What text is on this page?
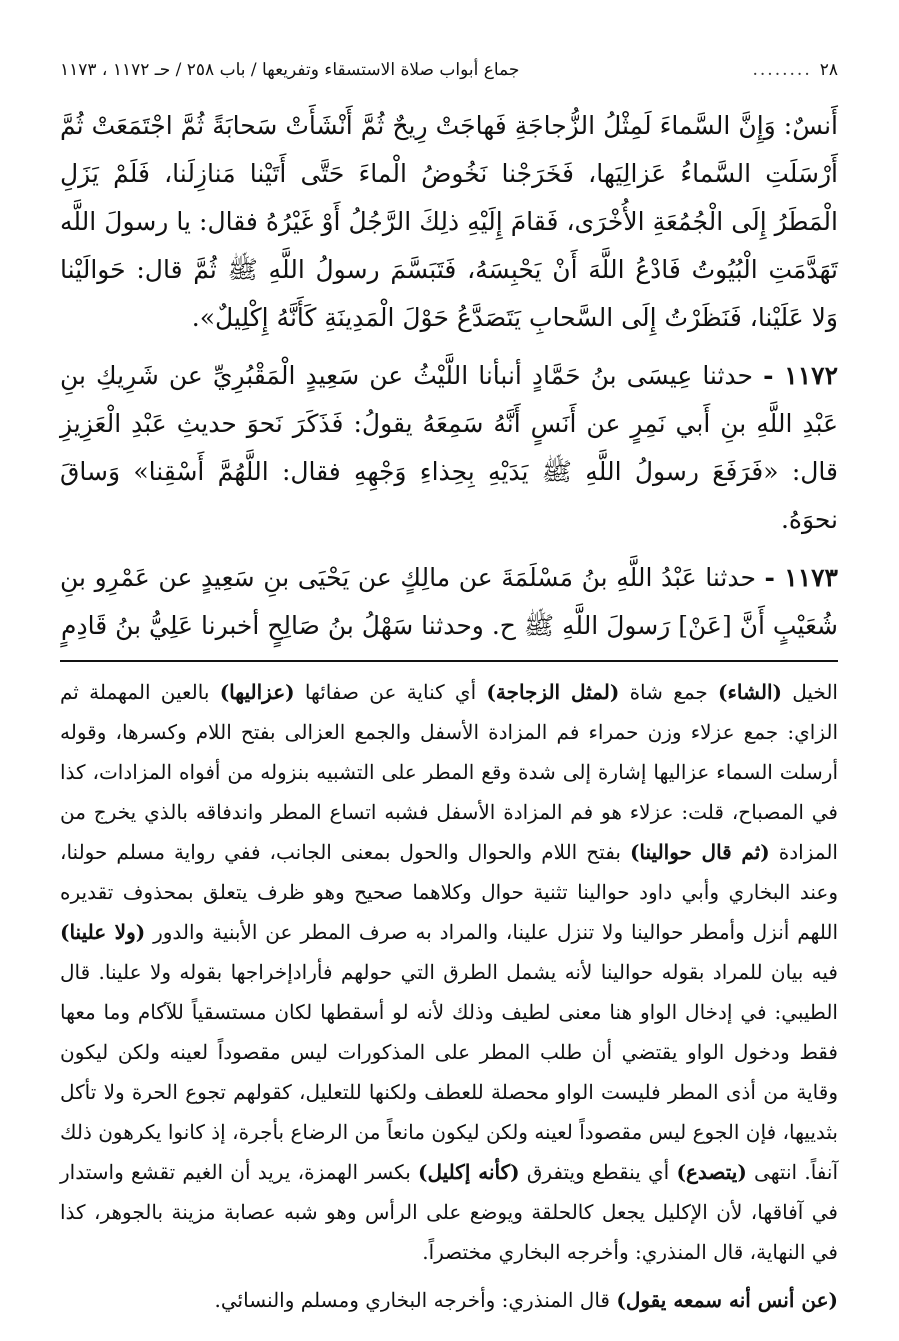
٢٨
........
جماع أبواب صلاة الاستسقاء وتفريعها / باب ٢٥٨ / حـ ١١٧٢ ، ١١٧٣

أَنسٌ: وَإِنَّ السَّماءَ لَمِثْلُ الزُّجاجَةِ فَهاجَتْ رِيحٌ ثُمَّ أَنْشَأَتْ سَحابَةً ثُمَّ اجْتَمَعَتْ ثُمَّ أَرْسَلَتِ السَّماءُ عَزالِيَها، فَخَرَجْنا نَخُوضُ الْماءَ حَتَّى أَتَيْنا مَنازِلَنا، فَلَمْ يَزَلِ الْمَطَرُ إِلَى الْجُمُعَةِ الأُخْرَى، فَقامَ إِلَيْهِ ذلِكَ الرَّجُلُ أَوْ غَيْرُهُ فقال: يا رسولَ اللَّه تَهَدَّمَتِ الْبُيُوتُ فَادْعُ اللَّهَ أَنْ يَحْبِسَهُ، فَتَبَسَّمَ رسولُ اللَّهِ ﷺ ثُمَّ قال: حَوالَيْنا وَلا عَلَيْنا، فَنَظَرْتُ إِلَى السَّحابِ يَتَصَدَّعُ حَوْلَ الْمَدِينَةِ كَأَنَّهُ إِكْلِيلٌ».

١١٧٢ - حدثنا عِيسَى بنُ حَمَّادٍ أنبأنا اللَّيْثُ عن سَعِيدٍ الْمَقْبُرِيِّ عن شَرِيكِ بنِ عَبْدِ اللَّهِ بنِ أَبي نَمِرٍ عن أَنَسٍ أَنَّهُ سَمِعَهُ يقولُ: فَذَكَرَ نَحوَ حديثِ عَبْدِ الْعَزِيزِ قال: «فَرَفَعَ رسولُ اللَّهِ ﷺ يَدَيْهِ بِحِذاءِ وَجْهِهِ فقال: اللَّهُمَّ أَسْقِنا» وَساقَ نحوَهُ.

١١٧٣ - حدثنا عَبْدُ اللَّهِ بنُ مَسْلَمَةَ عن مالِكٍ عن يَحْيَى بنِ سَعِيدٍ عن عَمْرِو بنِ شُعَيْبٍ أَنَّ [عَنْ] رَسولَ اللَّهِ ﷺ ح. وحدثنا سَهْلُ بنُ صَالِحٍ أخبرنا عَلِيُّ بنُ قَادِمٍ

الخيل (الشاء) جمع شاة (لمثل الزجاجة) أي كناية عن صفائها (عزاليها) بالعين المهملة ثم الزاي: جمع عزلاء وزن حمراء فم المزادة الأسفل والجمع العزالى بفتح اللام وكسرها، وقوله أرسلت السماء عزاليها إشارة إلى شدة وقع المطر على التشبيه بنزوله من أفواه المزادات، كذا في المصباح، قلت: عزلاء هو فم المزادة الأسفل فشبه اتساع المطر واندفاقه بالذي يخرج من المزادة (ثم قال حوالينا) بفتح اللام والحوال والحول بمعنى الجانب، ففي رواية مسلم حولنا، وعند البخاري وأبي داود حوالينا تثنية حوال وكلاهما صحيح وهو ظرف يتعلق بمحذوف تقديره اللهم أنزل وأمطر حوالينا ولا تنزل علينا، والمراد به صرف المطر عن الأبنية والدور (ولا علينا) فيه بيان للمراد بقوله حوالينا لأنه يشمل الطرق التي حولهم فأرادإخراجها بقوله ولا علينا. قال الطيبي: في إدخال الواو هنا معنى لطيف وذلك لأنه لو أسقطها لكان مستسقياً للآكام وما معها فقط ودخول الواو يقتضي أن طلب المطر على المذكورات ليس مقصوداً لعينه ولكن ليكون وقاية من أذى المطر فليست الواو محصلة للعطف ولكنها للتعليل، كقولهم تجوع الحرة ولا تأكل بثدييها، فإن الجوع ليس مقصوداً لعينه ولكن ليكون مانعاً من الرضاع بأجرة، إذ كانوا يكرهون ذلك آنفاً. انتهى (يتصدع) أي ينقطع ويتفرق (كأنه إكليل) بكسر الهمزة، يريد أن الغيم تقشع واستدار في آفاقها، لأن الإكليل يجعل كالحلقة ويوضع على الرأس وهو شبه عصابة مزينة بالجوهر، كذا في النهاية، قال المنذري: وأخرجه البخاري مختصراً.

(عن أنس أنه سمعه يقول) قال المنذري: وأخرجه البخاري ومسلم والنسائي.
